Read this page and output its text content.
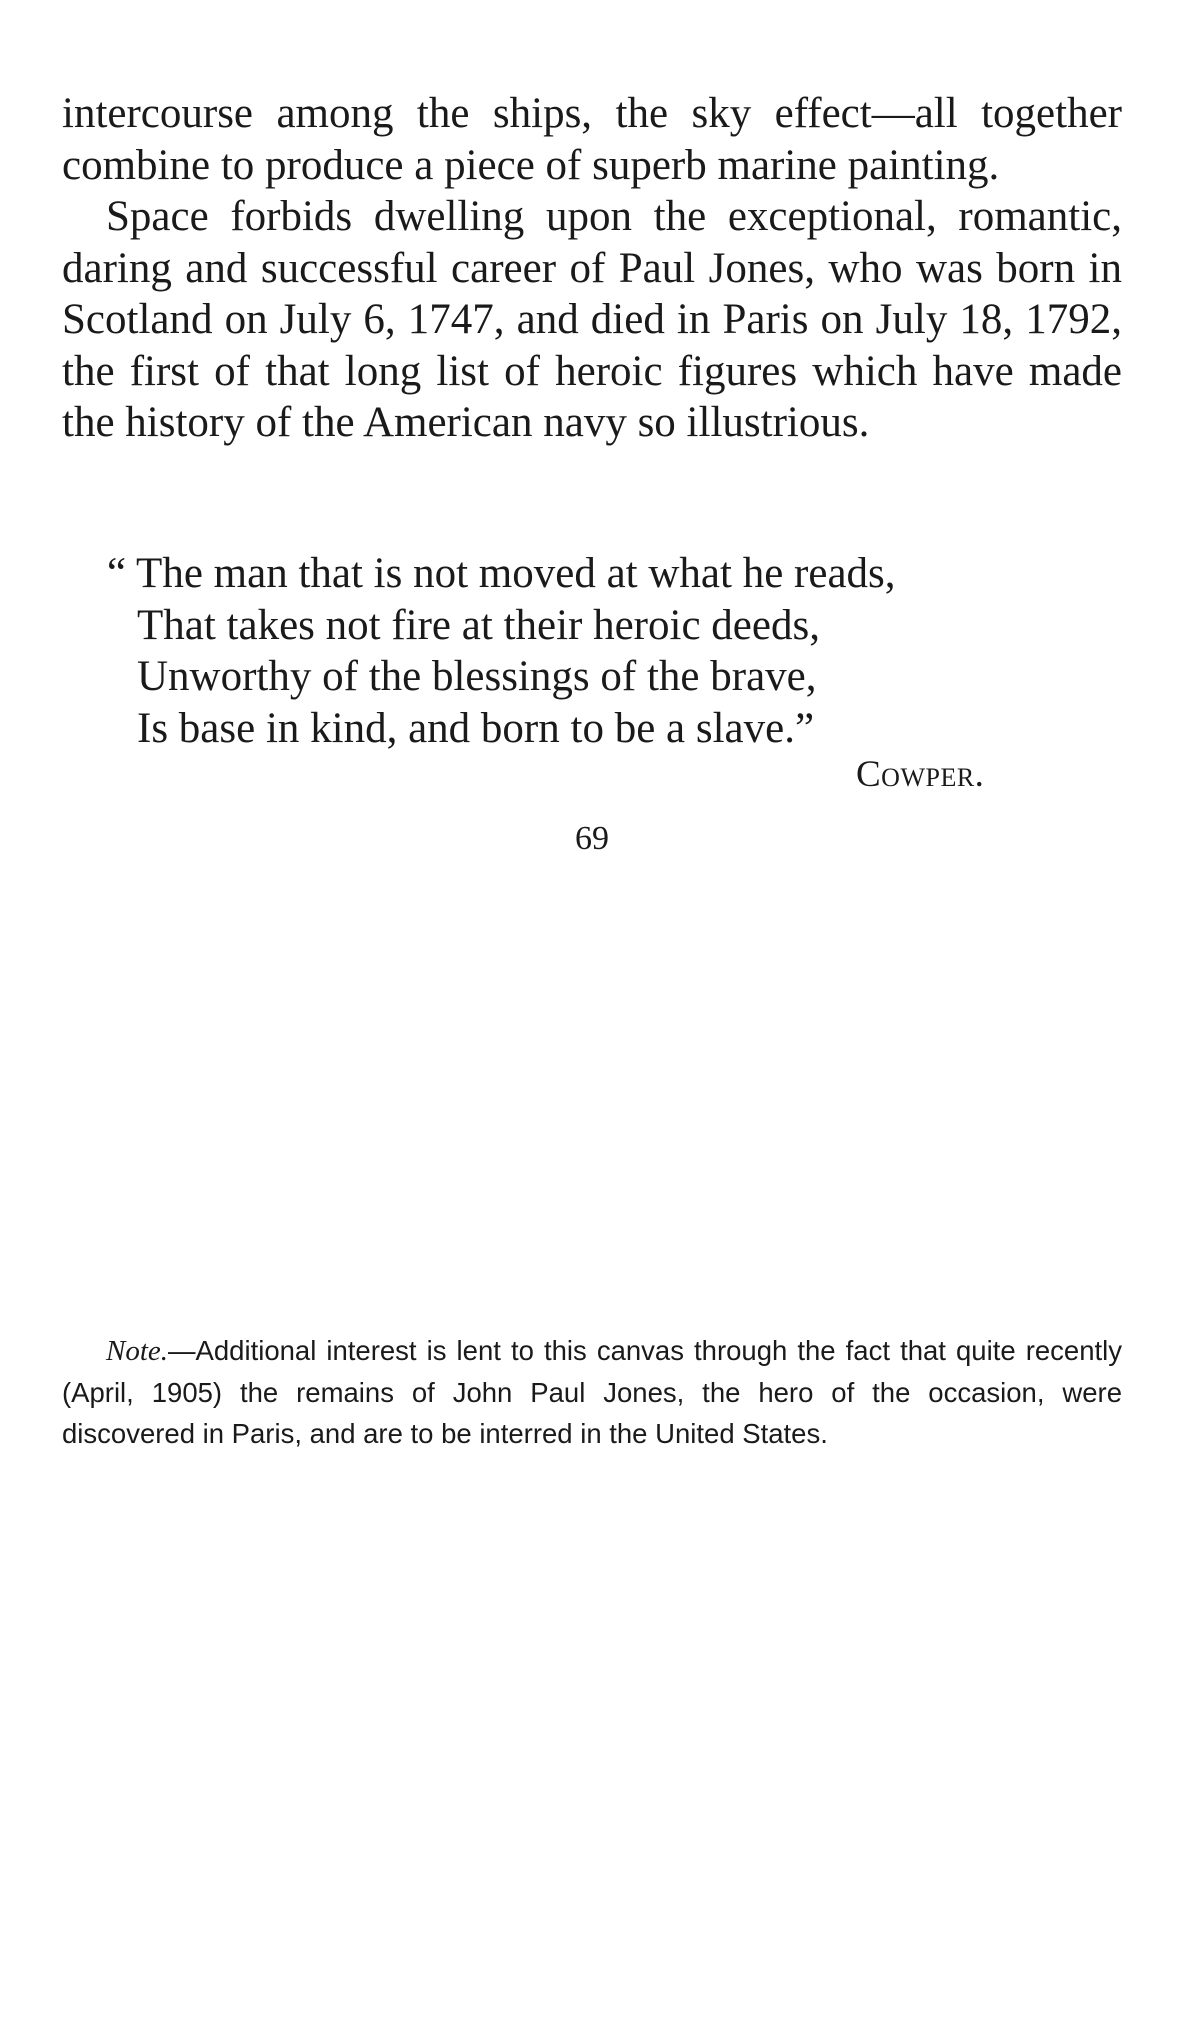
intercourse among the ships, the sky effect—all together combine to produce a piece of superb marine painting.

Space forbids dwelling upon the exceptional, romantic, daring and successful career of Paul Jones, who was born in Scotland on July 6, 1747, and died in Paris on July 18, 1792, the first of that long list of heroic figures which have made the history of the American navy so illustrious.

“ The man that is not moved at what he reads,
That takes not fire at their heroic deeds,
Unworthy of the blessings of the brave,
Is base in kind, and born to be a slave.”
Cowper.
69

Note.—Additional interest is lent to this canvas through the fact that quite recently (April, 1905) the remains of John Paul Jones, the hero of the occasion, were discovered in Paris, and are to be interred in the United States.
